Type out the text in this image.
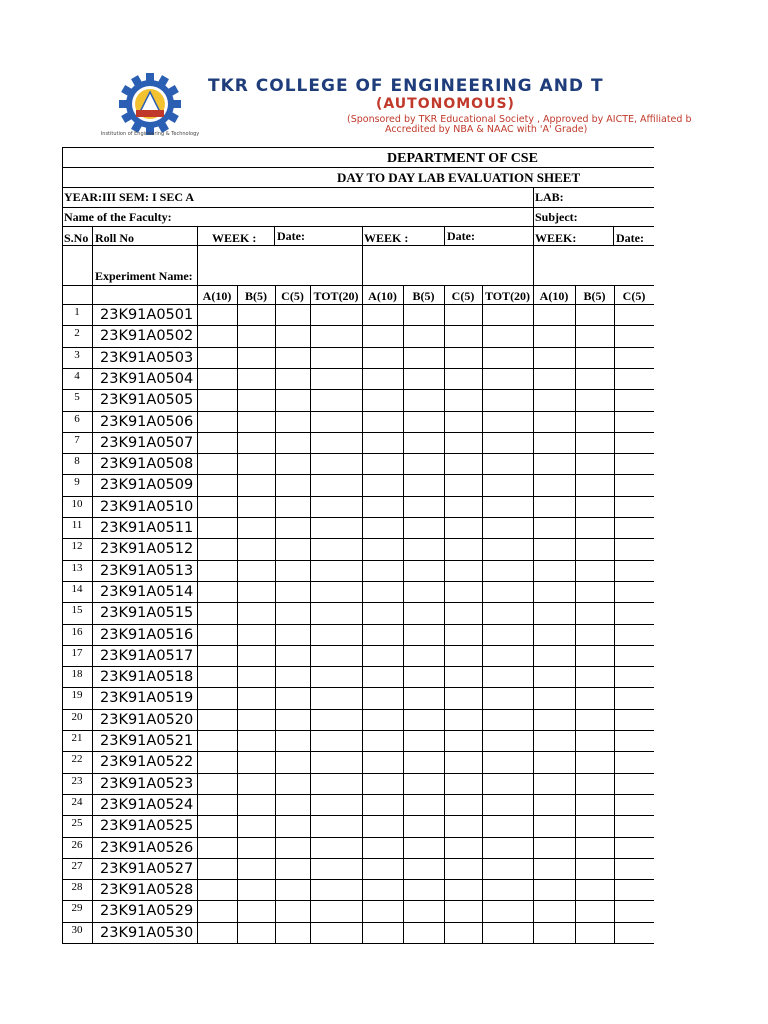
Institution of Engineering & Technology
TKR COLLEGE OF ENGINEERING AND T
(AUTONOMOUS)
(Sponsored by TKR Educational Society , Approved by AICTE, Affiliated b
Accredited by NBA & NAAC with 'A' Grade)
DEPARTMENT OF CSE
DAY TO DAY LAB EVALUATION SHEET
YEAR:III SEM: I SEC A	LAB:
Name of the Faculty:	Subject:
S.No Roll No	WEEK : Date:	WEEK :	Date:	WEEK:	Date:
Experiment Name:
A(10)	B(5)	C(5) TOT(20) A(10)	B(5)	C(5) TOT(20) A(10)	B(5)	C(5)
1	23K91A0501
2	23K91A0502
3	23K91A0503
4	23K91A0504
5	23K91A0505
6	23K91A0506
7	23K91A0507
8	23K91A0508
9	23K91A0509
10	23K91A0510
11	23K91A0511
12	23K91A0512
13	23K91A0513
14	23K91A0514
15	23K91A0515
16	23K91A0516
17	23K91A0517
18	23K91A0518
19	23K91A0519
20	23K91A0520
21	23K91A0521
22	23K91A0522
23	23K91A0523
24	23K91A0524
25	23K91A0525
26	23K91A0526
27	23K91A0527
28	23K91A0528
29	23K91A0529
30	23K91A0530
